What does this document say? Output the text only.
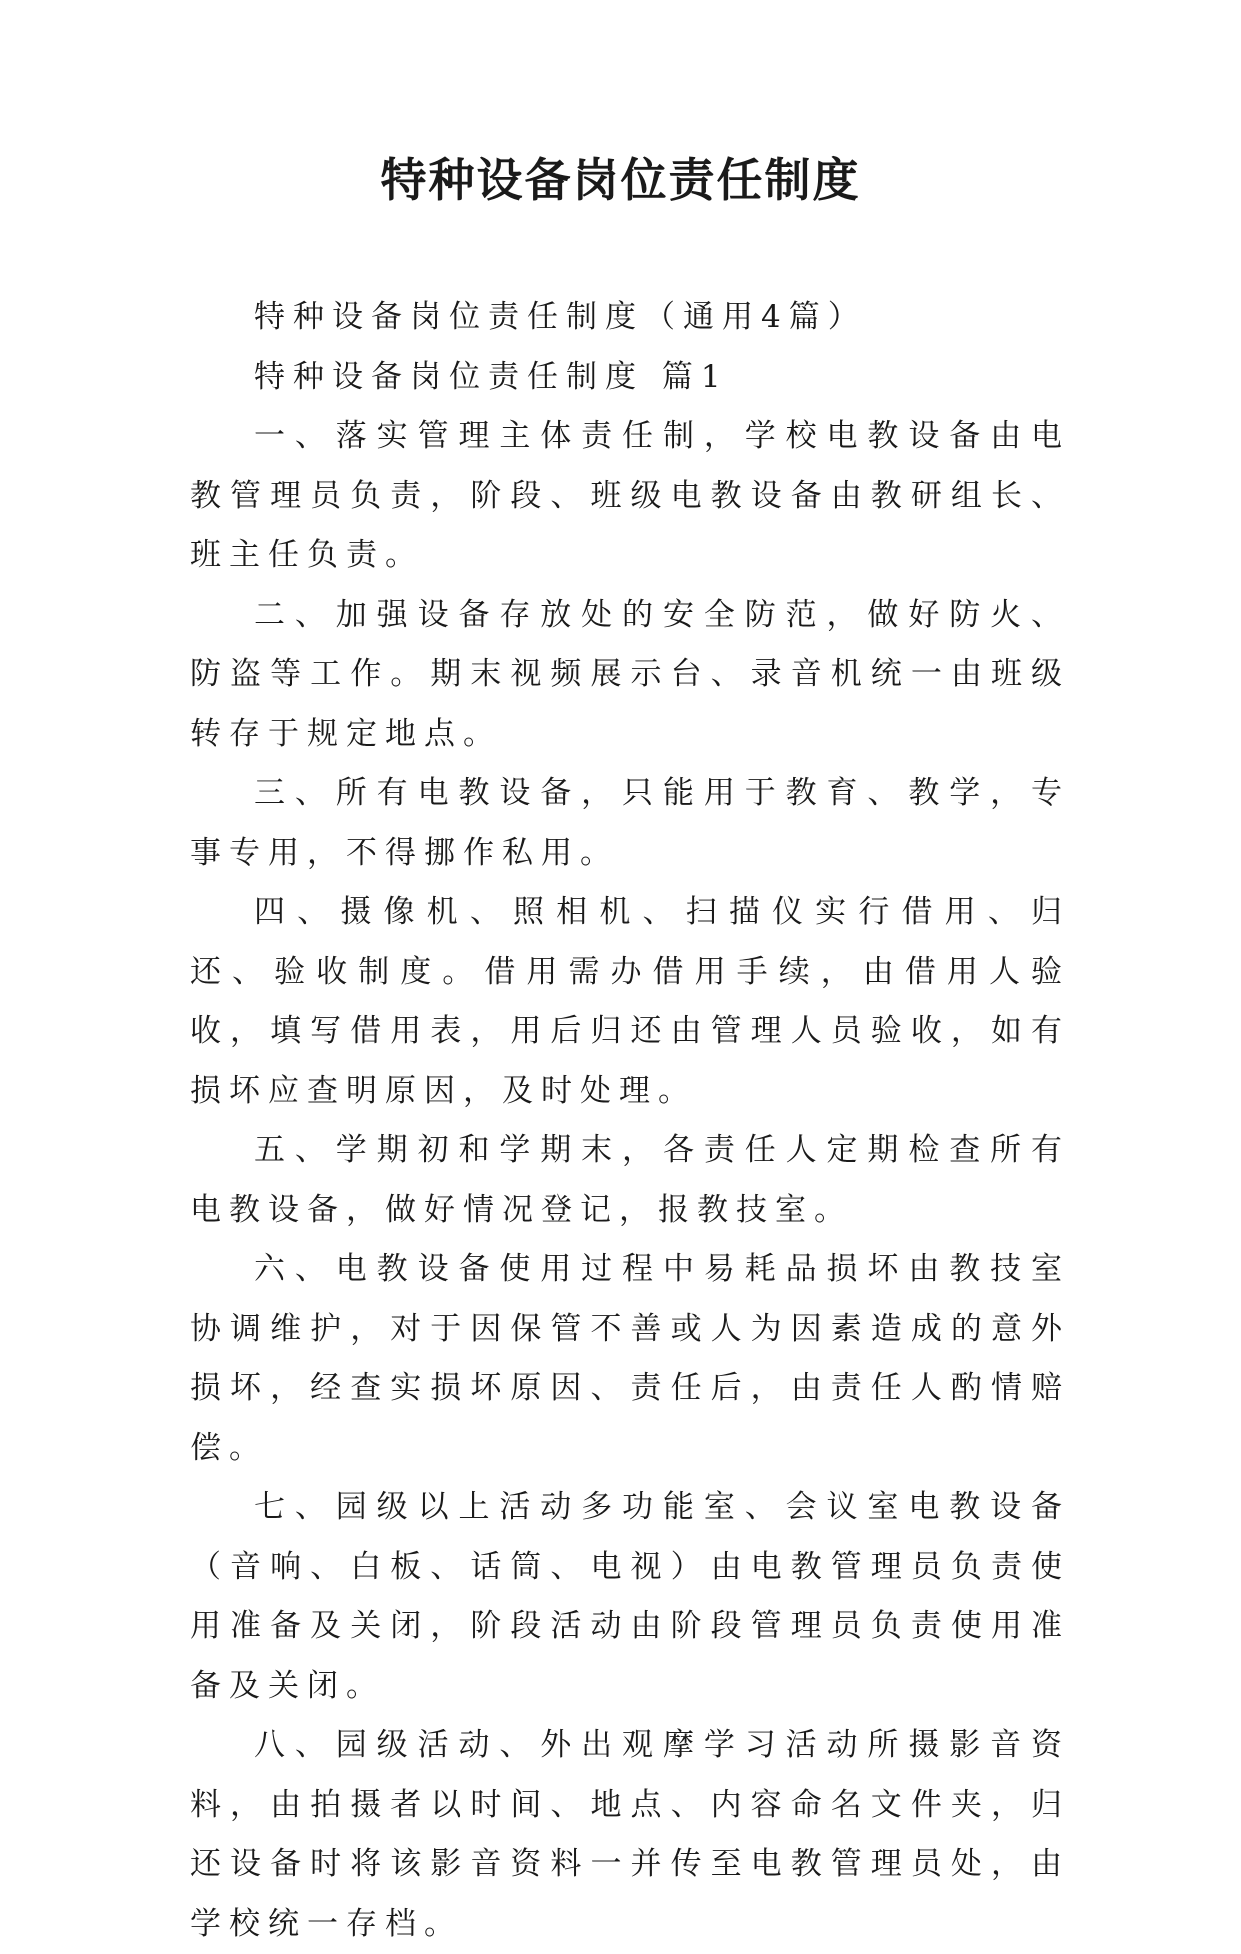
特种设备岗位责任制度

特种设备岗位责任制度（通用4篇）

特种设备岗位责任制度 篇1

一、落实管理主体责任制，学校电教设备由电教管理员负责，阶段、班级电教设备由教研组长、班主任负责。

二、加强设备存放处的安全防范，做好防火、防盗等工作。期末视频展示台、录音机统一由班级转存于规定地点。

三、所有电教设备，只能用于教育、教学，专事专用，不得挪作私用。

四、摄像机、照相机、扫描仪实行借用、归还、验收制度。借用需办借用手续，由借用人验收，填写借用表，用后归还由管理人员验收，如有损坏应查明原因，及时处理。

五、学期初和学期末，各责任人定期检查所有电教设备，做好情况登记，报教技室。

六、电教设备使用过程中易耗品损坏由教技室协调维护，对于因保管不善或人为因素造成的意外损坏，经查实损坏原因、责任后，由责任人酌情赔偿。

七、园级以上活动多功能室、会议室电教设备（音响、白板、话筒、电视）由电教管理员负责使用准备及关闭，阶段活动由阶段管理员负责使用准备及关闭。

八、园级活动、外出观摩学习活动所摄影音资料，由拍摄者以时间、地点、内容命名文件夹，归还设备时将该影音资料一并传至电教管理员处，由学校统一存档。
